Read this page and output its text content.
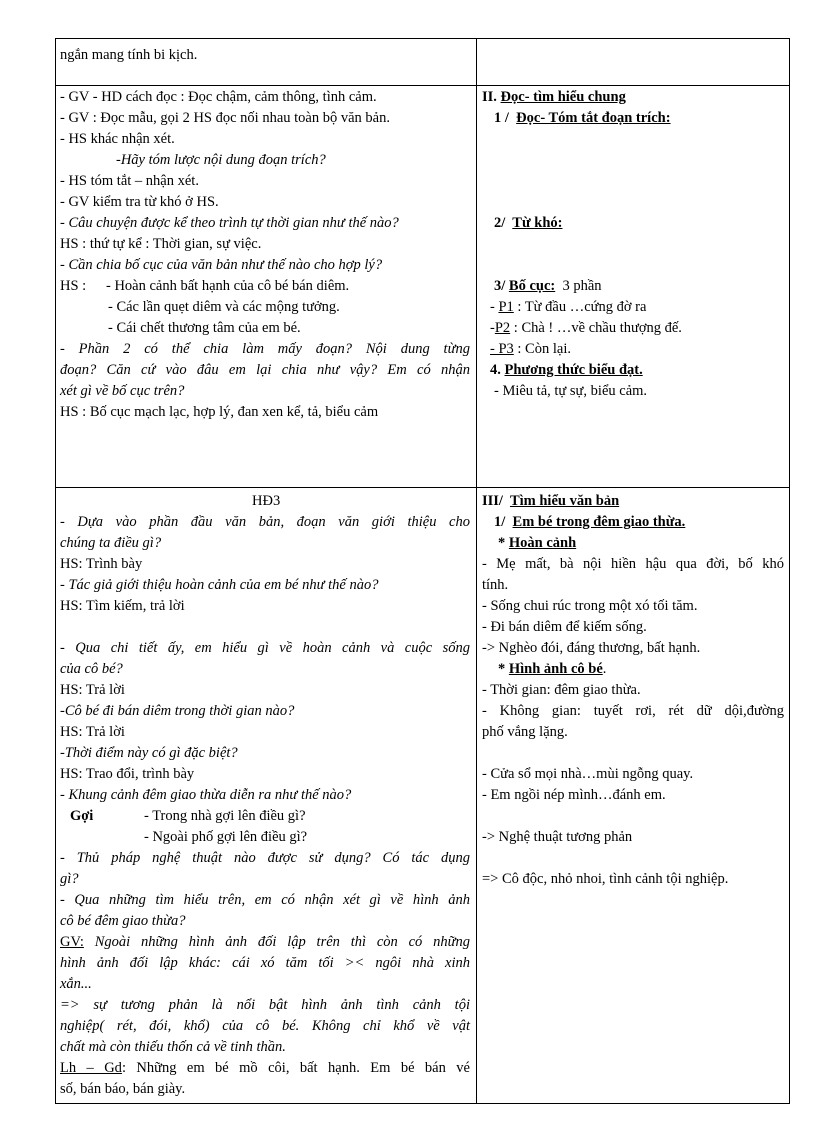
ngắn mang tính bi kịch.
- GV - HD cách đọc : Đọc chậm, cảm thông, tình cảm.
- GV : Đọc mẫu, gọi 2 HS đọc nối nhau toàn bộ văn bản.
- HS khác nhận xét.
-Hãy tóm lược nội dung đoạn trích?
- HS tóm tắt – nhận xét.
- GV kiểm tra từ khó ở HS.
- Câu chuyện được kể theo trình tự thời gian như thế nào?
HS : thứ tự kể : Thời gian, sự việc.
- Cần chia bố cục của văn bản như thế nào cho hợp lý?
HS : - Hoàn cảnh bất hạnh của cô bé bán diêm.
- Các lần quẹt diêm và các mộng tưởng.
- Cái chết thương tâm của em bé.
- Phần 2 có thể chia làm mấy đoạn? Nội dung từng
đoạn? Căn cứ vào đâu em lại chia như vậy? Em có nhận
xét gì về bố cục trên?
HS : Bố cục mạch lạc, hợp lý, đan xen kể, tả, biểu cảm
II. Đọc- tìm hiểu chung
1 / Đọc- Tóm tắt đoạn trích:
2/ Từ khó:
3/ Bố cục: 3 phần
- P1 : Từ đầu …cứng đờ ra
-P2 : Chà ! …về chầu thượng đế.
- P3 : Còn lại.
4. Phương thức biểu đạt.
- Miêu tả, tự sự, biểu cảm.
HĐ3
- Dựa vào phần đầu văn bản, đoạn văn giới thiệu cho
chúng ta điều gì?
HS: Trình bày
- Tác giả giới thiệu hoàn cảnh của em bé như thế nào?
HS: Tìm kiếm, trả lời
- Qua chi tiết ấy, em hiểu gì về hoàn cảnh và cuộc sống
của cô bé?
HS: Trả lời
-Cô bé đi bán diêm trong thời gian nào?
HS: Trả lời
-Thời điểm này có gì đặc biệt?
HS: Trao đổi, trình bày
- Khung cảnh đêm giao thừa diễn ra như thế nào?
Gợi	- Trong nhà gợi lên điều gì?
- Ngoài phố gợi lên điều gì?
- Thủ pháp nghệ thuật nào được sử dụng? Có tác dụng
gì?
- Qua những tìm hiểu trên, em có nhận xét gì về hình ảnh
cô bé đêm giao thừa?
GV: Ngoài những hình ảnh đối lập trên thì còn có những
hình ảnh đối lập khác: cái xó tăm tối >< ngôi nhà xinh
xắn...
=> sự tương phản là nổi bật hình ảnh tình cảnh tội
nghiệp( rét, đói, khổ) của cô bé. Không chỉ khổ về vật
chất mà còn thiếu thốn cả về tinh thần.
Lh – Gd: Những em bé mồ côi, bất hạnh. Em bé bán vé
số, bán báo, bán giày.
III/ Tìm hiểu văn bản
1/ Em bé trong đêm giao thừa.
* Hoàn cảnh
- Mẹ mất, bà nội hiền hậu qua đời, bố khó
tính.
- Sống chui rúc trong một xó tối tăm.
- Đi bán diêm để kiếm sống.
-> Nghèo đói, đáng thương, bất hạnh.
* Hình ảnh cô bé.
- Thời gian: đêm giao thừa.
- Không gian: tuyết rơi, rét dữ dội,đường
phố vắng lặng.
- Cửa sổ mọi nhà…mùi ngỗng quay.
- Em ngồi nép mình…đánh em.
-> Nghệ thuật tương phản
=> Cô độc, nhỏ nhoi, tình cảnh tội nghiệp.
